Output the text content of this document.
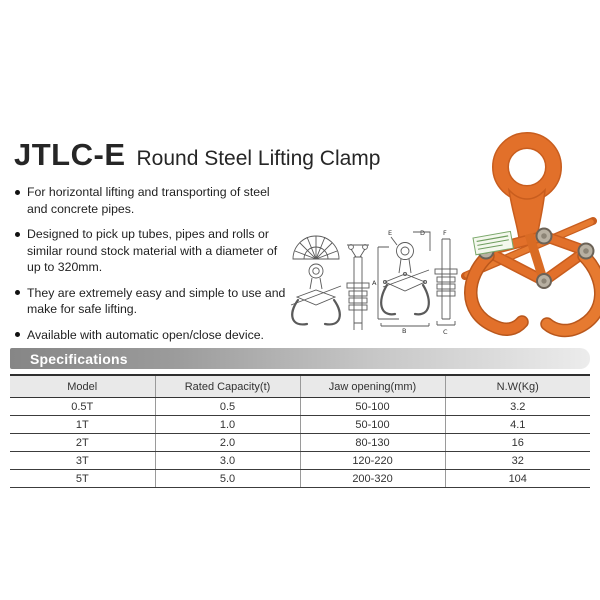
JTLC-E Round Steel Lifting Clamp
For horizontal lifting and transporting of steel and concrete pipes.
Designed to pick up tubes, pipes and rolls or similar round stock material with a diameter of up to 320mm.
They are extremely easy and simple to use and make for safe lifting.
Available with automatic open/close device.
E	D
A
B
F
C
Specifications
Model	Rated Capacity(t)	Jaw opening(mm)	N.W(Kg)
0.5T	0.5	50-100	3.2
1T	1.0	50-100	4.1
2T	2.0	80-130	16
3T	3.0	120-220	32
5T	5.0	200-320	104
